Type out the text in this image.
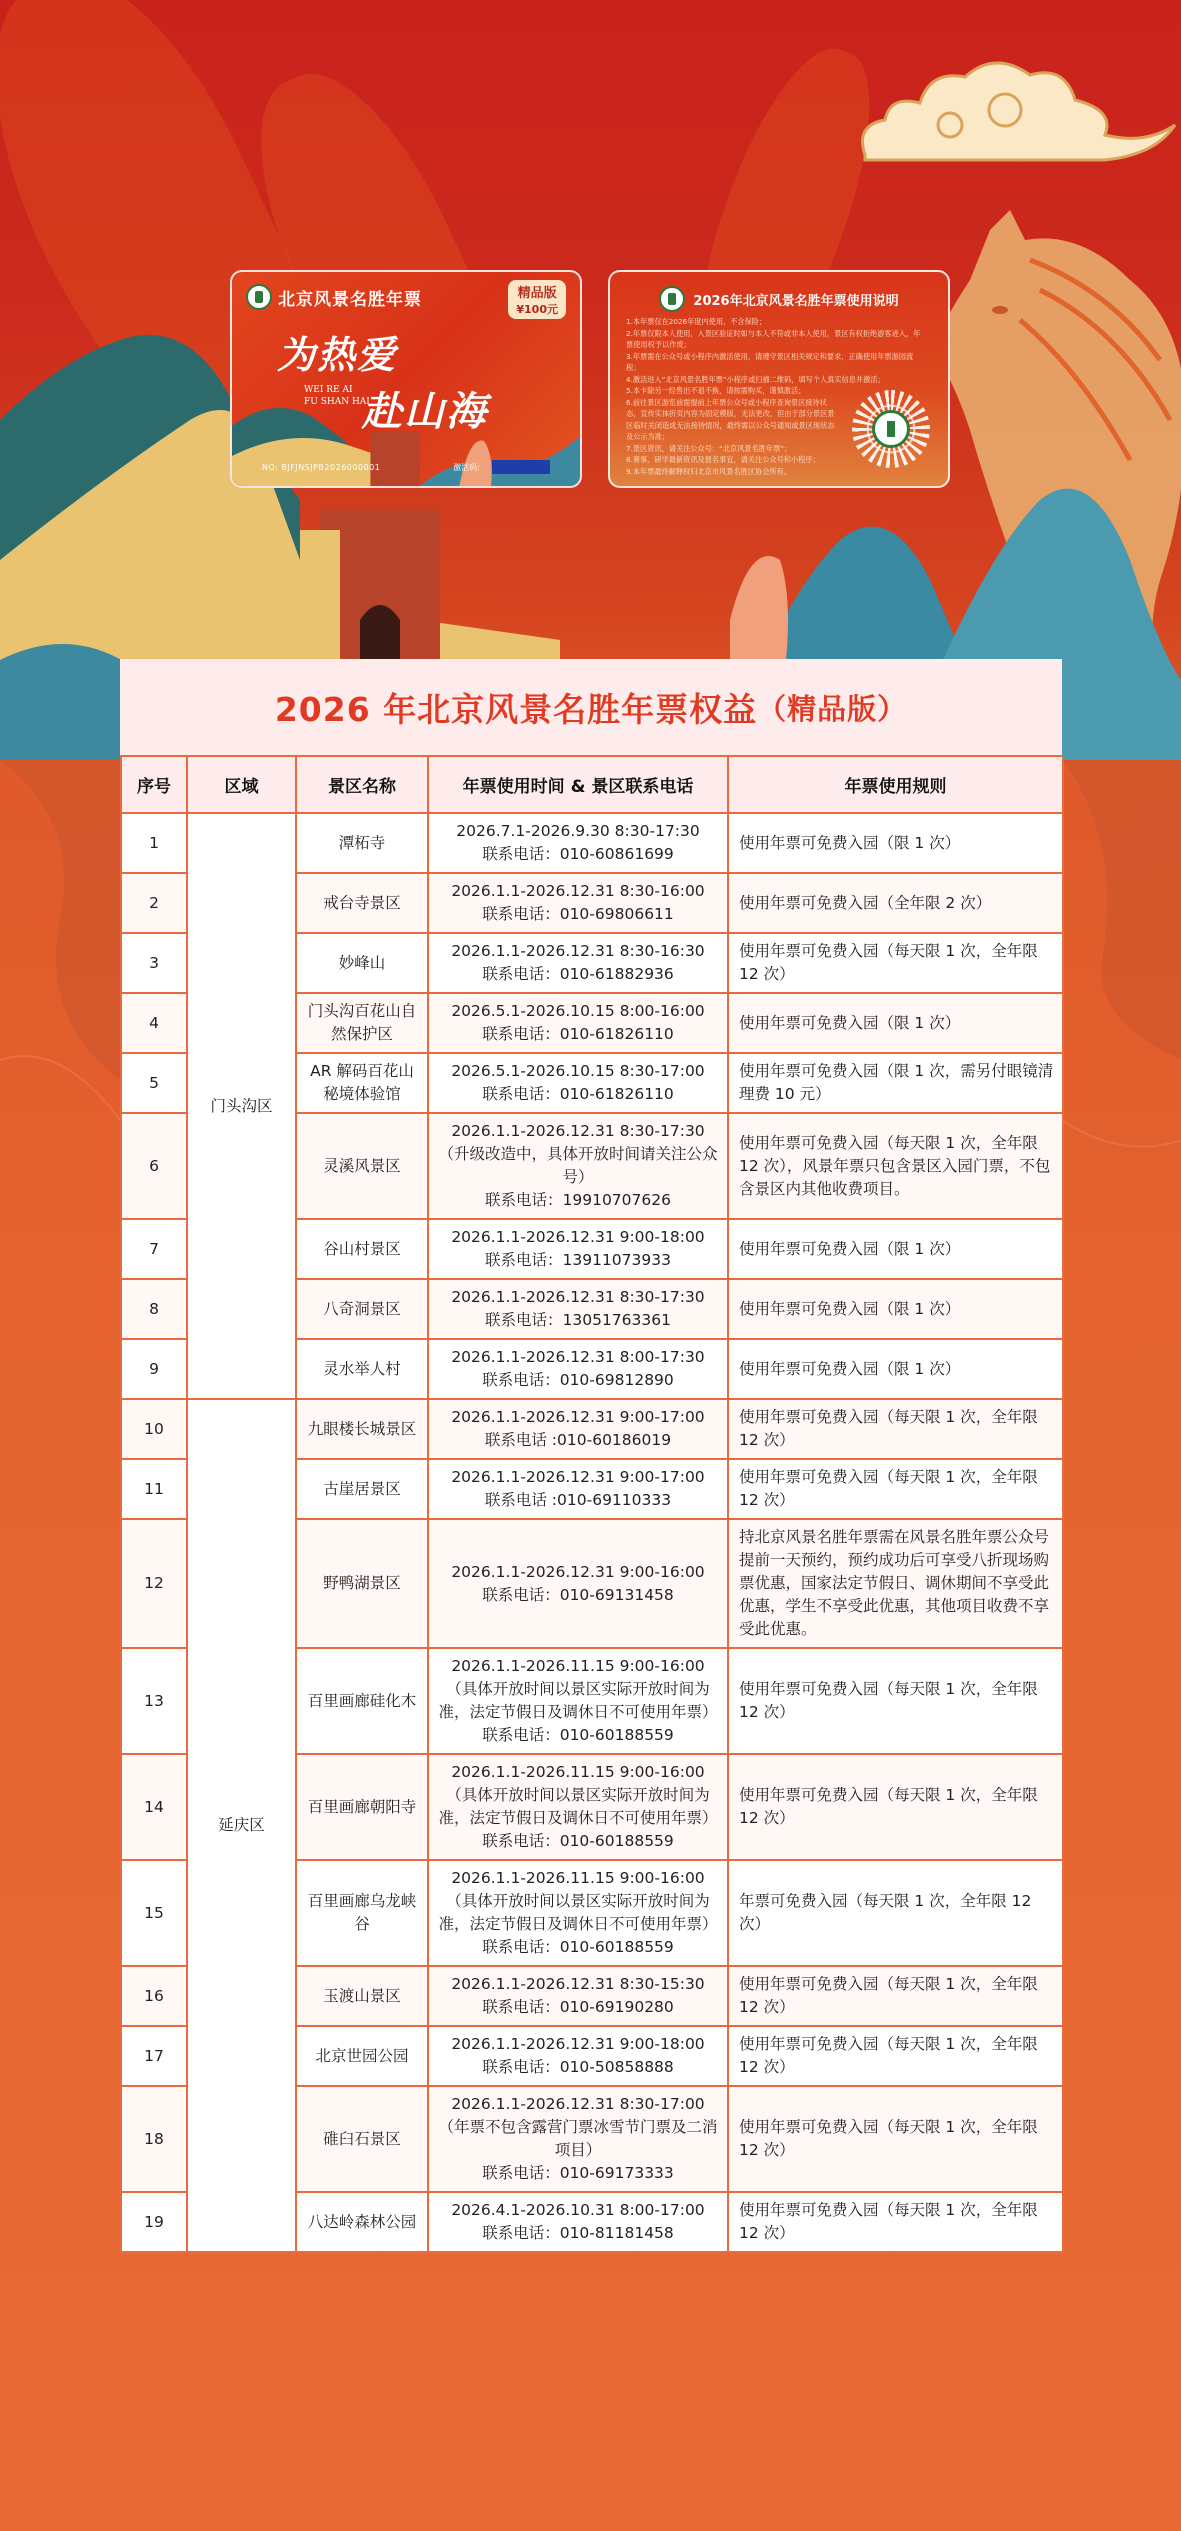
北京风景名胜年票	精品版
¥100元
为热爱
WEI RE AI
FU SHAN HAI
赴山海
NO: BJFJNSJPB2026000001	激活码:
2026年北京风景名胜年票使用说明
1.本年票仅在2026年度内使用，不含保险；
2.年票仅限本人使用，入景区验证时如与本人不符或非本人使用，景区有权拒绝游客进入，年票使用权予以作废；
3.年票需在公众号或小程序内激活使用，请遵守景区相关规定和要求，正确使用年票游园流程；
4.激活进入“北京风景名胜年票”小程序或扫描二维码，填写个人真实信息并激活；
5.本卡除另一经售出不退不换，请按需购买，谨慎激活；
6.前往景区游览前需提前上年票公众号或小程序查询景区接待状态，宣传实体折页内容为固定模版，无法更改，但由于部分景区景区临时关闭造成无法接待情况，最终需以公众号通知或景区现状态及公示为准；
7.景区资讯，请关注公众号：“北京风景名胜年票”；
8.赛事、研学最新资讯及报名事宜，请关注公众号和小程序；
9.本年票最终解释权归北京市风景名胜区协会所有。
2026 年北京风景名胜年票权益 （精品版）
序号	区域	景区名称	年票使用时间 & 景区联系电话	年票使用规则
1	门头沟区	潭柘寺	2026.7.1-2026.9.30 8:30-17:30
联系电话：010-60861699	使用年票可免费入园（限 1 次）
2		戒台寺景区	2026.1.1-2026.12.31 8:30-16:00
联系电话：010-69806611	使用年票可免费入园（全年限 2 次）
3		妙峰山	2026.1.1-2026.12.31 8:30-16:30
联系电话：010-61882936	使用年票可免费入园（每天限 1 次，全年限 12 次）
4		门头沟百花山自然保护区	2026.5.1-2026.10.15 8:00-16:00
联系电话：010-61826110	使用年票可免费入园（限 1 次）
5		AR 解码百花山秘境体验馆	2026.5.1-2026.10.15 8:30-17:00
联系电话：010-61826110	使用年票可免费入园（限 1 次，需另付眼镜清理费 10 元）
6		灵溪风景区	2026.1.1-2026.12.31 8:30-17:30
（升级改造中，具体开放时间请关注公众号）
联系电话：19910707626	使用年票可免费入园（每天限 1 次，全年限 12 次），风景年票只包含景区入园门票，不包含景区内其他收费项目。
7		谷山村景区	2026.1.1-2026.12.31 9:00-18:00
联系电话：13911073933	使用年票可免费入园（限 1 次）
8		八奇洞景区	2026.1.1-2026.12.31 8:30-17:30
联系电话：13051763361	使用年票可免费入园（限 1 次）
9		灵水举人村	2026.1.1-2026.12.31 8:00-17:30
联系电话：010-69812890	使用年票可免费入园（限 1 次）
10	延庆区	九眼楼长城景区	2026.1.1-2026.12.31 9:00-17:00
联系电话 :010-60186019	使用年票可免费入园（每天限 1 次，全年限 12 次）
11		古崖居景区	2026.1.1-2026.12.31 9:00-17:00
联系电话 :010-69110333	使用年票可免费入园（每天限 1 次，全年限 12 次）
12		野鸭湖景区	2026.1.1-2026.12.31 9:00-16:00
联系电话：010-69131458	持北京风景名胜年票需在风景名胜年票公众号提前一天预约，预约成功后可享受八折现场购票优惠，国家法定节假日、调休期间不享受此优惠，学生不享受此优惠，其他项目收费不享受此优惠。
13		百里画廊硅化木	2026.1.1-2026.11.15 9:00-16:00
（具体开放时间以景区实际开放时间为准，法定节假日及调休日不可使用年票）
联系电话：010-60188559	使用年票可免费入园（每天限 1 次，全年限 12 次）
14		百里画廊朝阳寺	2026.1.1-2026.11.15 9:00-16:00
（具体开放时间以景区实际开放时间为准，法定节假日及调休日不可使用年票）
联系电话：010-60188559	使用年票可免费入园（每天限 1 次，全年限 12 次）
15		百里画廊乌龙峡谷	2026.1.1-2026.11.15 9:00-16:00
（具体开放时间以景区实际开放时间为准，法定节假日及调休日不可使用年票）
联系电话：010-60188559	年票可免费入园（每天限 1 次，全年限 12 次）
16		玉渡山景区	2026.1.1-2026.12.31 8:30-15:30
联系电话：010-69190280	使用年票可免费入园（每天限 1 次，全年限 12 次）
17		北京世园公园	2026.1.1-2026.12.31 9:00-18:00
联系电话：010-50858888	使用年票可免费入园（每天限 1 次，全年限 12 次）
18		碓臼石景区	2026.1.1-2026.12.31 8:30-17:00
（年票不包含露营门票冰雪节门票及二消项目）
联系电话：010-69173333	使用年票可免费入园（每天限 1 次，全年限 12 次）
19		八达岭森林公园	2026.4.1-2026.10.31 8:00-17:00
联系电话：010-81181458	使用年票可免费入园（每天限 1 次，全年限 12 次）
